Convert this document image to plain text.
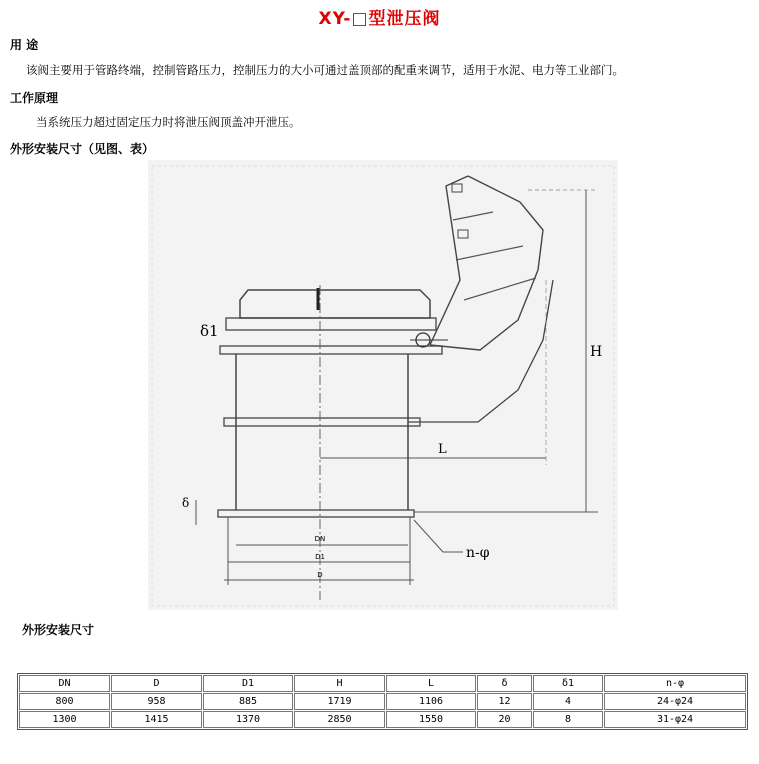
XY-□型泄压阀
用 途
该阀主要用于管路终端，控制管路压力，控制压力的大小可通过盖顶部的配重来调节，适用于水泥、电力等工业部门。
工作原理
当系统压力超过固定压力时将泄压阀顶盖冲开泄压。
外形安装尺寸（见图、表）
δ1
δ
H
L
n-φ
DN
D1
D
外形安装尺寸
DN	D	D1	H	L	δ	δ1	n-φ
800	958	885	1719	1106	12	4	24-φ24
1300	1415	1370	2850	1550	20	8	31-φ24
